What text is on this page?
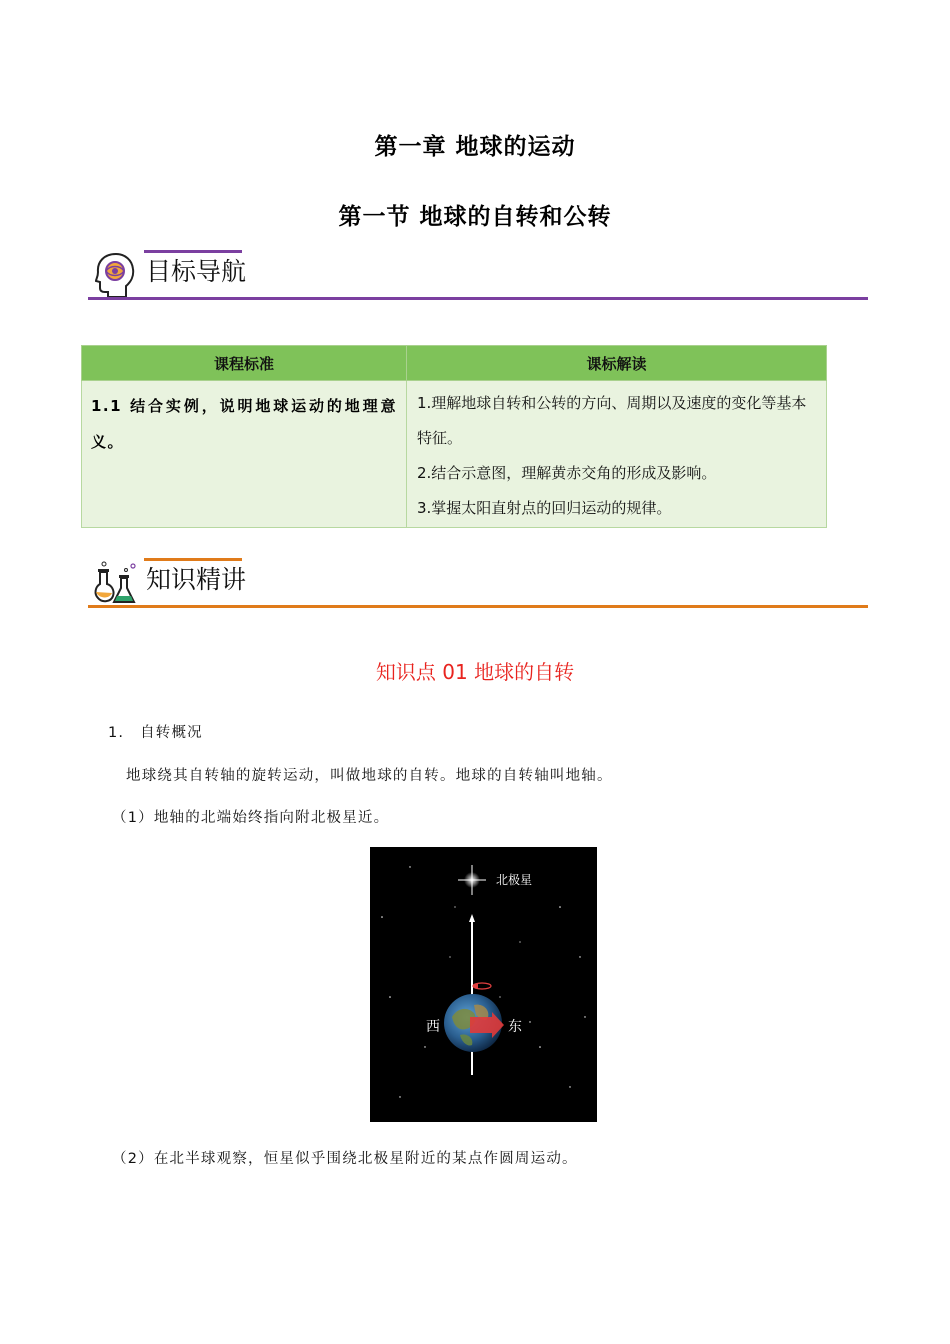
第一章 地球的运动
第一节 地球的自转和公转
目标导航
课程标准	课标解读

1.1 结合实例，说明地球运动的地理意义。	1.理解地球自转和公转的方向、周期以及速度的变化等基本特征。
2.结合示意图，理解黄赤交角的形成及影响。
3.掌握太阳直射点的回归运动的规律。
知识精讲
知识点 01 地球的自转
1. 自转概况
地球绕其自转轴的旋转运动，叫做地球的自转。地球的自转轴叫地轴。
（1）地轴的北端始终指向附北极星近。
北极星
西	东
（2）在北半球观察，恒星似乎围绕北极星附近的某点作圆周运动。
